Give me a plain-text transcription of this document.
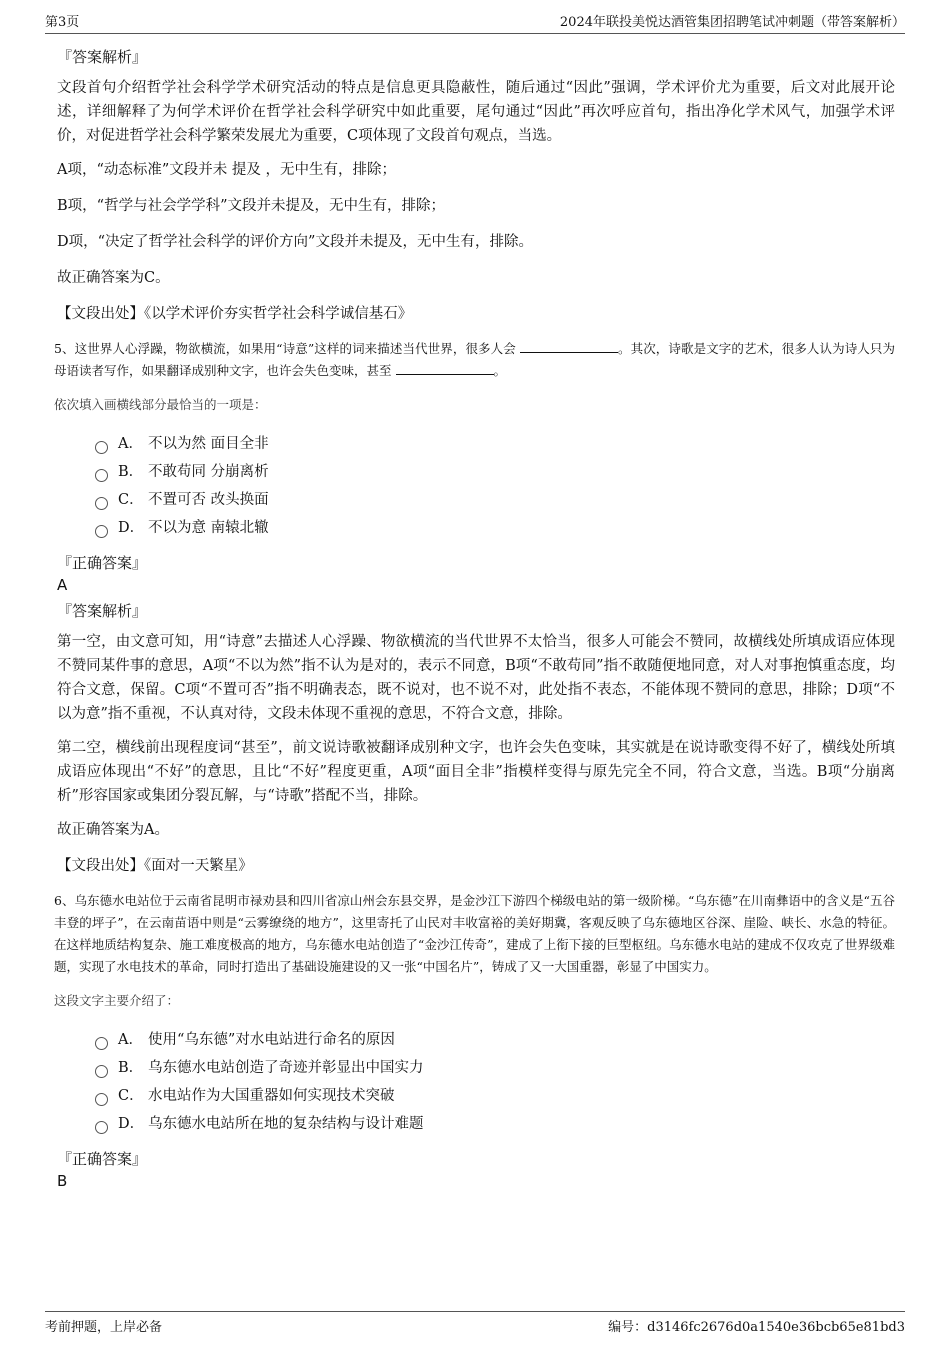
第3页	2024年联投美悦达酒管集团招聘笔试冲刺题（带答案解析）
『答案解析』

文段首句介绍哲学社会科学学术研究活动的特点是信息更具隐蔽性，随后通过“因此”强调，学术评价尤为重要，后文对此展开论述，详细解释了为何学术评价在哲学社会科学研究中如此重要，尾句通过“因此”再次呼应首句，指出净化学术风气，加强学术评价，对促进哲学社会科学繁荣发展尤为重要，C项体现了文段首句观点，当选。

A项，“动态标准”文段并未 提及 ，无中生有，排除；

B项，“哲学与社会学学科”文段并未提及，无中生有，排除；

D项，“决定了哲学社会科学的评价方向”文段并未提及，无中生有，排除。

故正确答案为C。

【文段出处】《以学术评价夯实哲学社会科学诚信基石》

5、这世界人心浮躁，物欲横流，如果用“诗意”这样的词来描述当代世界，很多人会	。其次，诗歌是文字的艺术，很多人认为诗人只为母语读者写作，如果翻译成别种文字，也许会失色变味，甚至	。

依次填入画横线部分最恰当的一项是：

A． 不以为然 面目全非
B． 不敢苟同 分崩离析
C． 不置可否 改头换面
D． 不以为意 南辕北辙
『正确答案』
A
『答案解析』

第一空，由文意可知，用“诗意”去描述人心浮躁、物欲横流的当代世界不太恰当，很多人可能会不赞同，故横线处所填成语应体现不赞同某件事的意思，A项“不以为然”指不认为是对的，表示不同意，B项“不敢苟同”指不敢随便地同意，对人对事抱慎重态度，均符合文意，保留。C项“不置可否”指不明确表态，既不说对，也不说不对，此处指不表态，不能体现不赞同的意思，排除；D项“不以为意”指不重视，不认真对待，文段未体现不重视的意思，不符合文意，排除。

第二空，横线前出现程度词“甚至”，前文说诗歌被翻译成别种文字，也许会失色变味，其实就是在说诗歌变得不好了，横线处所填成语应体现出“不好”的意思，且比“不好”程度更重，A项“面目全非”指模样变得与原先完全不同，符合文意，当选。B项“分崩离析”形容国家或集团分裂瓦解，与“诗歌”搭配不当，排除。

故正确答案为A。

【文段出处】《面对一天繁星》

6、乌东德水电站位于云南省昆明市禄劝县和四川省凉山州会东县交界，是金沙江下游四个梯级电站的第一级阶梯。“乌东德”在川南彝语中的含义是“五谷丰登的坪子”，在云南苗语中则是“云雾缭绕的地方”，这里寄托了山民对丰收富裕的美好期冀，客观反映了乌东德地区谷深、崖险、峡长、水急的特征。在这样地质结构复杂、施工难度极高的地方，乌东德水电站创造了“金沙江传奇”，建成了上衔下接的巨型枢纽。乌东德水电站的建成不仅攻克了世界级难题，实现了水电技术的革命，同时打造出了基础设施建设的又一张“中国名片”，铸成了又一大国重器，彰显了中国实力。

这段文字主要介绍了：

A． 使用“乌东德”对水电站进行命名的原因
B． 乌东德水电站创造了奇迹并彰显出中国实力
C． 水电站作为大国重器如何实现技术突破
D． 乌东德水电站所在地的复杂结构与设计难题
『正确答案』
B
考前押题，上岸必备	编号：d3146fc2676d0a1540e36bcb65e81bd3
